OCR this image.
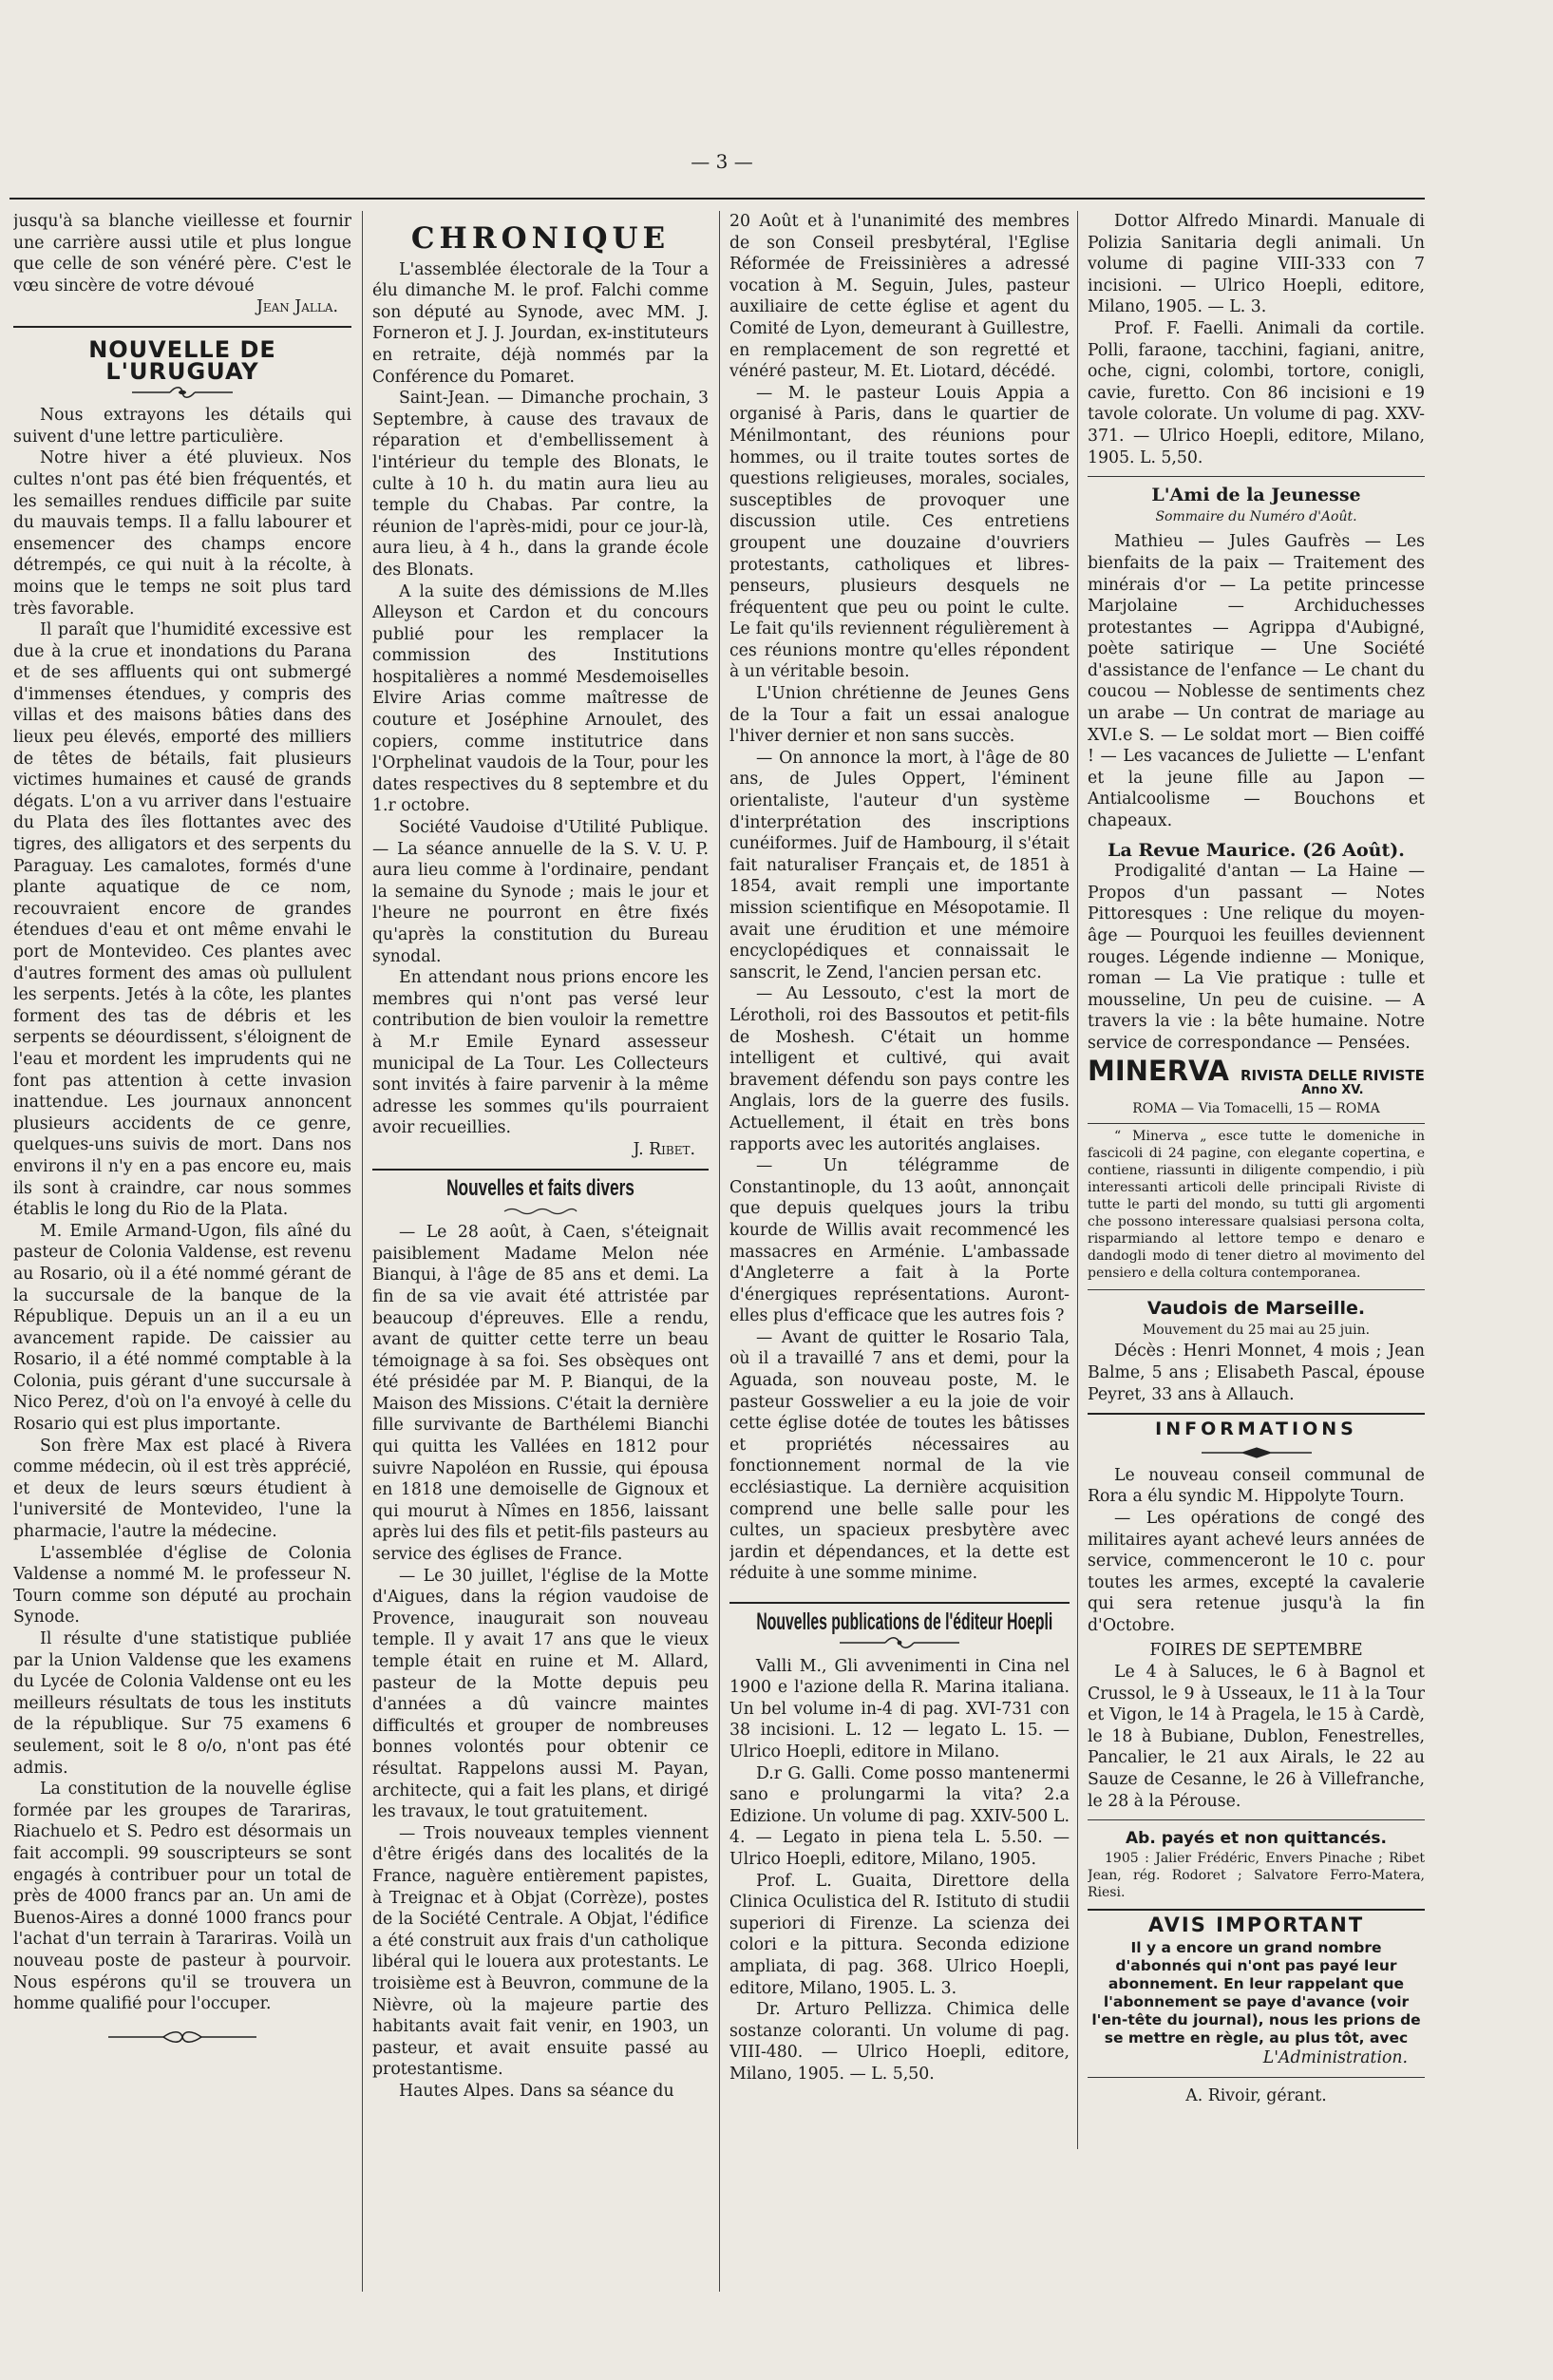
— 3 —

jusqu'à sa blanche vieillesse et fournir une carrière aussi utile et plus longue que celle de son vénéré père. C'est le vœu sincère de votre dévoué

Jean Jalla.
NOUVELLE DE L'URUGUAY

Nous extrayons les détails qui suivent d'une lettre particulière.

Notre hiver a été pluvieux. Nos cultes n'ont pas été bien fréquentés, et les semailles rendues difficile par suite du mauvais temps. Il a fallu labourer et ensemencer des champs encore détrempés, ce qui nuit à la récolte, à moins que le temps ne soit plus tard très favorable.

Il paraît que l'humidité excessive est due à la crue et inondations du Parana et de ses affluents qui ont submergé d'immenses étendues, y compris des villas et des maisons bâties dans des lieux peu élevés, emporté des milliers de têtes de bétails, fait plusieurs victimes humaines et causé de grands dégats. L'on a vu arriver dans l'estuaire du Plata des îles flottantes avec des tigres, des alligators et des serpents du Paraguay. Les camalotes, formés d'une plante aquatique de ce nom, recouvraient encore de grandes étendues d'eau et ont même envahi le port de Montevideo. Ces plantes avec d'autres forment des amas où pullulent les serpents. Jetés à la côte, les plantes forment des tas de débris et les serpents se déourdissent, s'éloignent de l'eau et mordent les imprudents qui ne font pas attention à cette invasion inattendue. Les journaux annoncent plusieurs accidents de ce genre, quelques-uns suivis de mort. Dans nos environs il n'y en a pas encore eu, mais ils sont à craindre, car nous sommes établis le long du Rio de la Plata.

M. Emile Armand-Ugon, fils aîné du pasteur de Colonia Valdense, est revenu au Rosario, où il a été nommé gérant de la succursale de la banque de la République. Depuis un an il a eu un avancement rapide. De caissier au Rosario, il a été nommé comptable à la Colonia, puis gérant d'une succursale à Nico Perez, d'où on l'a envoyé à celle du Rosario qui est plus importante.

Son frère Max est placé à Rivera comme médecin, où il est très apprécié, et deux de leurs sœurs étudient à l'université de Montevideo, l'une la pharmacie, l'autre la médecine.

L'assemblée d'église de Colonia Valdense a nommé M. le professeur N. Tourn comme son député au prochain Synode.

Il résulte d'une statistique publiée par la Union Valdense que les examens du Lycée de Colonia Valdense ont eu les meilleurs résultats de tous les instituts de la république. Sur 75 examens 6 seulement, soit le 8 o/o, n'ont pas été admis.

La constitution de la nouvelle église formée par les groupes de Tarariras, Riachuelo et S. Pedro est désormais un fait accompli. 99 souscripteurs se sont engagés à contribuer pour un total de près de 4000 francs par an. Un ami de Buenos-Aires a donné 1000 francs pour l'achat d'un terrain à Tarariras. Voilà un nouveau poste de pasteur à pourvoir. Nous espérons qu'il se trouvera un homme qualifié pour l'occuper.

CHRONIQUE

L'assemblée électorale de la Tour a élu dimanche M. le prof. Falchi comme son député au Synode, avec MM. J. Forneron et J. J. Jourdan, ex-instituteurs en retraite, déjà nommés par la Conférence du Pomaret.

Saint-Jean. — Dimanche prochain, 3 Septembre, à cause des travaux de réparation et d'embellissement à l'intérieur du temple des Blonats, le culte à 10 h. du matin aura lieu au temple du Chabas. Par contre, la réunion de l'après-midi, pour ce jour-là, aura lieu, à 4 h., dans la grande école des Blonats.

A la suite des démissions de M.lles Alleyson et Cardon et du concours publié pour les remplacer la commission des Institutions hospitalières a nommé Mesdemoiselles Elvire Arias comme maîtresse de couture et Joséphine Arnoulet, des copiers, comme institutrice dans l'Orphelinat vaudois de la Tour, pour les dates respectives du 8 septembre et du 1.r octobre.

Société Vaudoise d'Utilité Publique. — La séance annuelle de la S. V. U. P. aura lieu comme à l'ordinaire, pendant la semaine du Synode ; mais le jour et l'heure ne pourront en être fixés qu'après la constitution du Bureau synodal.

En attendant nous prions encore les membres qui n'ont pas versé leur contribution de bien vouloir la remettre à M.r Emile Eynard assesseur municipal de La Tour. Les Collecteurs sont invités à faire parvenir à la même adresse les sommes qu'ils pourraient avoir recueillies.

J. Ribet.
Nouvelles et faits divers

— Le 28 août, à Caen, s'éteignait paisiblement Madame Melon née Bianqui, à l'âge de 85 ans et demi. La fin de sa vie avait été attristée par beaucoup d'épreuves. Elle a rendu, avant de quitter cette terre un beau témoignage à sa foi. Ses obsèques ont été présidée par M. P. Bianqui, de la Maison des Missions. C'était la dernière fille survivante de Barthélemi Bianchi qui quitta les Vallées en 1812 pour suivre Napoléon en Russie, qui épousa en 1818 une demoiselle de Gignoux et qui mourut à Nîmes en 1856, laissant après lui des fils et petit-fils pasteurs au service des églises de France.

— Le 30 juillet, l'église de la Motte d'Aigues, dans la région vaudoise de Provence, inaugurait son nouveau temple. Il y avait 17 ans que le vieux temple était en ruine et M. Allard, pasteur de la Motte depuis peu d'années a dû vaincre maintes difficultés et grouper de nombreuses bonnes volontés pour obtenir ce résultat. Rappelons aussi M. Payan, architecte, qui a fait les plans, et dirigé les travaux, le tout gratuitement.

— Trois nouveaux temples viennent d'être érigés dans des localités de la France, naguère entièrement papistes, à Treignac et à Objat (Corrèze), postes de la Société Centrale. A Objat, l'édifice a été construit aux frais d'un catholique libéral qui le louera aux protestants. Le troisième est à Beuvron, commune de la Nièvre, où la majeure partie des habitants avait fait venir, en 1903, un pasteur, et avait ensuite passé au protestantisme.

Hautes Alpes. Dans sa séance du

20 Août et à l'unanimité des membres de son Conseil presbytéral, l'Eglise Réformée de Freissinières a adressé vocation à M. Seguin, Jules, pasteur auxiliaire de cette église et agent du Comité de Lyon, demeurant à Guillestre, en remplacement de son regretté et vénéré pasteur, M. Et. Liotard, décédé.

— M. le pasteur Louis Appia a organisé à Paris, dans le quartier de Ménilmontant, des réunions pour hommes, ou il traite toutes sortes de questions religieuses, morales, sociales, susceptibles de provoquer une discussion utile. Ces entretiens groupent une douzaine d'ouvriers protestants, catholiques et libres-penseurs, plusieurs desquels ne fréquentent que peu ou point le culte. Le fait qu'ils reviennent régulièrement à ces réunions montre qu'elles répondent à un véritable besoin.

L'Union chrétienne de Jeunes Gens de la Tour a fait un essai analogue l'hiver dernier et non sans succès.

— On annonce la mort, à l'âge de 80 ans, de Jules Oppert, l'éminent orientaliste, l'auteur d'un système d'interprétation des inscriptions cunéiformes. Juif de Hambourg, il s'était fait naturaliser Français et, de 1851 à 1854, avait rempli une importante mission scientifique en Mésopotamie. Il avait une érudition et une mémoire encyclopédiques et connaissait le sanscrit, le Zend, l'ancien persan etc.

— Au Lessouto, c'est la mort de Lérotholi, roi des Bassoutos et petit-fils de Moshesh. C'était un homme intelligent et cultivé, qui avait bravement défendu son pays contre les Anglais, lors de la guerre des fusils. Actuellement, il était en très bons rapports avec les autorités anglaises.

— Un télégramme de Constantinople, du 13 août, annonçait que depuis quelques jours la tribu kourde de Willis avait recommencé les massacres en Arménie. L'ambassade d'Angleterre a fait à la Porte d'énergiques représentations. Auront-elles plus d'efficace que les autres fois ?

— Avant de quitter le Rosario Tala, où il a travaillé 7 ans et demi, pour la Aguada, son nouveau poste, M. le pasteur Gosswelier a eu la joie de voir cette église dotée de toutes les bâtisses et propriétés nécessaires au fonctionnement normal de la vie ecclésiastique. La dernière acquisition comprend une belle salle pour les cultes, un spacieux presbytère avec jardin et dépendances, et la dette est réduite à une somme minime.

Nouvelles publications de l'éditeur Hoepli

Valli M., Gli avvenimenti in Cina nel 1900 e l'azione della R. Marina italiana. Un bel volume in-4 di pag. XVI-731 con 38 incisioni. L. 12 — legato L. 15. — Ulrico Hoepli, editore in Milano.

D.r G. Galli. Come posso mantenermi sano e prolungarmi la vita? 2.a Edizione. Un volume di pag. XXIV-500 L. 4. — Legato in piena tela L. 5.50. — Ulrico Hoepli, editore, Milano, 1905.

Prof. L. Guaita, Direttore della Clinica Oculistica del R. Istituto di studii superiori di Firenze. La scienza dei colori e la pittura. Seconda edizione ampliata, di pag. 368. Ulrico Hoepli, editore, Milano, 1905. L. 3.

Dr. Arturo Pellizza. Chimica delle sostanze coloranti. Un volume di pag. VIII-480. — Ulrico Hoepli, editore, Milano, 1905. — L. 5,50.

Dottor Alfredo Minardi. Manuale di Polizia Sanitaria degli animali. Un volume di pagine VIII-333 con 7 incisioni. — Ulrico Hoepli, editore, Milano, 1905. — L. 3.

Prof. F. Faelli. Animali da cortile. Polli, faraone, tacchini, fagiani, anitre, oche, cigni, colombi, tortore, conigli, cavie, furetto. Con 86 incisioni e 19 tavole colorate. Un volume di pag. XXV-371. — Ulrico Hoepli, editore, Milano, 1905. L. 5,50.

L'Ami de la Jeunesse
Sommaire du Numéro d'Août.

Mathieu — Jules Gaufrès — Les bienfaits de la paix — Traitement des minérais d'or — La petite princesse Marjolaine — Archiduchesses protestantes — Agrippa d'Aubigné, poète satirique — Une Société d'assistance de l'enfance — Le chant du coucou — Noblesse de sentiments chez un arabe — Un contrat de mariage au XVI.e S. — Le soldat mort — Bien coiffé ! — Les vacances de Juliette — L'enfant et la jeune fille au Japon — Antialcoolisme — Bouchons et chapeaux.

La Revue Maurice. (26 Août).

Prodigalité d'antan — La Haine — Propos d'un passant — Notes Pittoresques : Une relique du moyen-âge — Pourquoi les feuilles deviennent rouges. Légende indienne — Monique, roman — La Vie pratique : tulle et mousseline, Un peu de cuisine. — A travers la vie : la bête humaine. Notre service de correspondance — Pensées.

MINERVA RIVISTA DELLE RIVISTE
Anno XV.
ROMA — Via Tomacelli, 15 — ROMA

“ Minerva „ esce tutte le domeniche in fascicoli di 24 pagine, con elegante copertina, e contiene, riassunti in diligente compendio, i più interessanti articoli delle principali Riviste di tutte le parti del mondo, su tutti gli argomenti che possono interessare qualsiasi persona colta, risparmiando al lettore tempo e denaro e dandogli modo di tener dietro al movimento del pensiero e della coltura contemporanea.

Vaudois de Marseille.
Mouvement du 25 mai au 25 juin.

Décès : Henri Monnet, 4 mois ; Jean Balme, 5 ans ; Elisabeth Pascal, épouse Peyret, 33 ans à Allauch.

INFORMATIONS

Le nouveau conseil communal de Rora a élu syndic M. Hippolyte Tourn.

— Les opérations de congé des militaires ayant achevé leurs années de service, commenceront le 10 c. pour toutes les armes, excepté la cavalerie qui sera retenue jusqu'à la fin d'Octobre.

FOIRES DE SEPTEMBRE

Le 4 à Saluces, le 6 à Bagnol et Crussol, le 9 à Usseaux, le 11 à la Tour et Vigon, le 14 à Pragela, le 15 à Cardè, le 18 à Bubiane, Dublon, Fenestrelles, Pancalier, le 21 aux Airals, le 22 au Sauze de Cesanne, le 26 à Villefranche, le 28 à la Pérouse.

Ab. payés et non quittancés.

1905 : Jalier Frédéric, Envers Pinache ; Ribet Jean, rég. Rodoret ; Salvatore Ferro-Matera, Riesi.

AVIS IMPORTANT
Il y a encore un grand nombre d'abonnés qui n'ont pas payé leur abonnement. En leur rappelant que l'abonnement se paye d'avance (voir l'en-tête du journal), nous les prions de se mettre en règle, au plus tôt, avec
L'Administration.
A. Rivoir, gérant.
